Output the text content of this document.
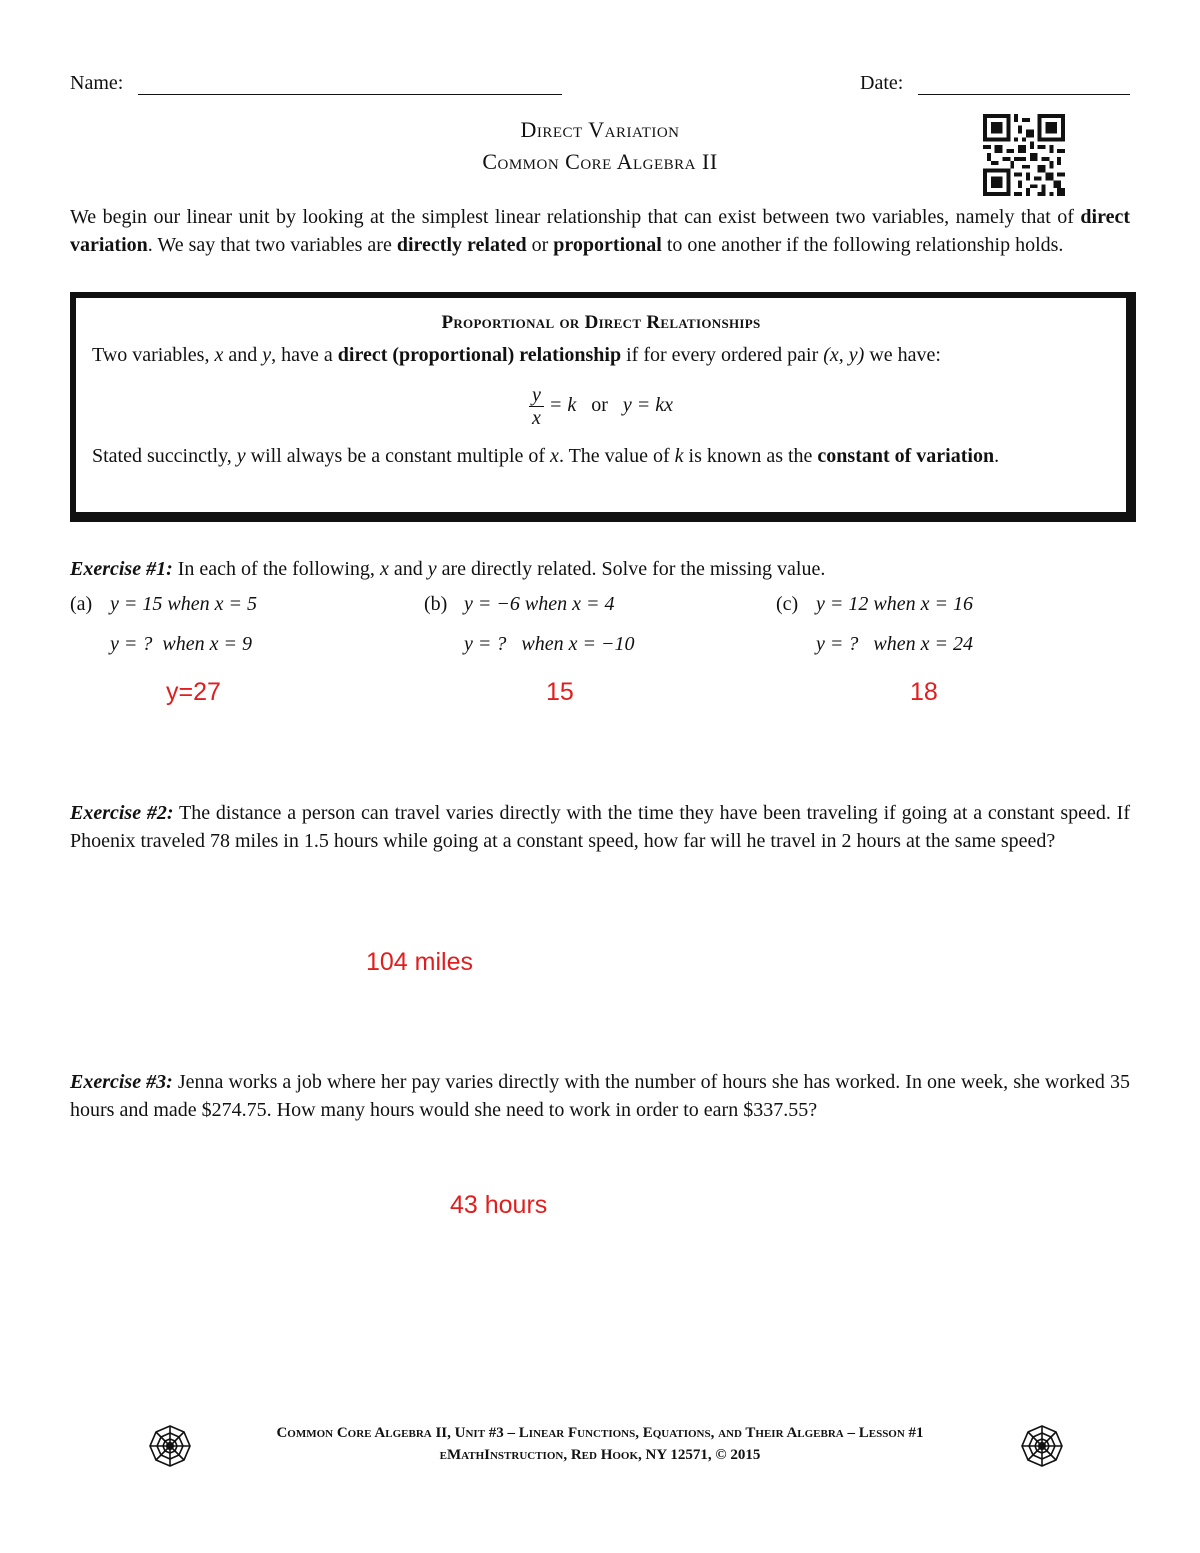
Name:	Date:
Direct Variation
Common Core Algebra II
We begin our linear unit by looking at the simplest linear relationship that can exist between two variables, namely that of direct variation. We say that two variables are directly related or proportional to one another if the following relationship holds.
Proportional or Direct Relationships
Two variables, x and y, have a direct (proportional) relationship if for every ordered pair (x, y) we have:
$\frac{y}{x} = k$ or y = kx
Stated succinctly, y will always be a constant multiple of x. The value of k is known as the constant of variation.
Exercise #1: In each of the following, x and y are directly related. Solve for the missing value.
(a) y = 15 when x = 5
y = ?  when x = 9
y=27
(b) y = −6 when x = 4
y = ?   when x = −10
15
(c) y = 12 when x = 16
y = ?   when x = 24
18
Exercise #2: The distance a person can travel varies directly with the time they have been traveling if going at a constant speed. If Phoenix traveled 78 miles in 1.5 hours while going at a constant speed, how far will he travel in 2 hours at the same speed?
104 miles
Exercise #3: Jenna works a job where her pay varies directly with the number of hours she has worked. In one week, she worked 35 hours and made $274.75. How many hours would she need to work in order to earn $337.55?
43 hours
Common Core Algebra II, Unit #3 – Linear Functions, Equations, and Their Algebra – Lesson #1
eMathInstruction, Red Hook, NY 12571, © 2015
